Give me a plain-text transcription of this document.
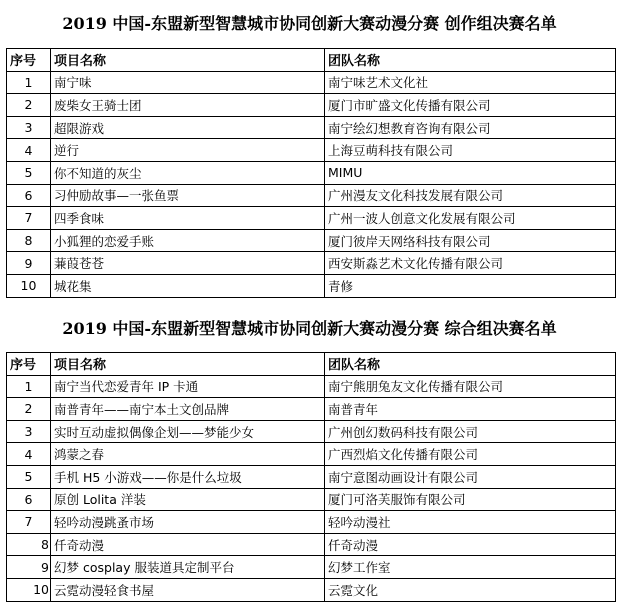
2019 中国-东盟新型智慧城市协同创新大赛动漫分赛 创作组决赛名单
序号	项目名称	团队名称
1	南宁味	南宁味艺术文化社
2	废柴女王骑士团	厦门市旷盛文化传播有限公司
3	超限游戏	南宁绘幻想教育咨询有限公司
4	逆行	上海豆萌科技有限公司
5	你不知道的灰尘	MIMU
6	习仲励故事—一张鱼票	广州漫友文化科技发展有限公司
7	四季食味	广州一波人创意文化发展有限公司
8	小狐狸的恋爱手账	厦门彼岸天网络科技有限公司
9	蒹葭苍苍	西安斯淼艺术文化传播有限公司
10	城花集	青修
2019 中国-东盟新型智慧城市协同创新大赛动漫分赛 综合组决赛名单
序号	项目名称	团队名称
1	南宁当代恋爱青年 IP 卡通	南宁熊朋兔友文化传播有限公司
2	南普青年——南宁本土文创品牌	南普青年
3	实时互动虚拟偶像企划——梦能少女	广州创幻数码科技有限公司
4	鸿蒙之春	广西烈焰文化传播有限公司
5	手机 H5 小游戏——你是什么垃圾	南宁意图动画设计有限公司
6	原创 Lolita 洋装	厦门可洛芙服饰有限公司
7	轻吟动漫跳蚤市场	轻吟动漫社
8	仟奇动漫	仟奇动漫
9	幻梦 cosplay 服装道具定制平台	幻梦工作室
10	云霓动漫轻食书屋	云霓文化
